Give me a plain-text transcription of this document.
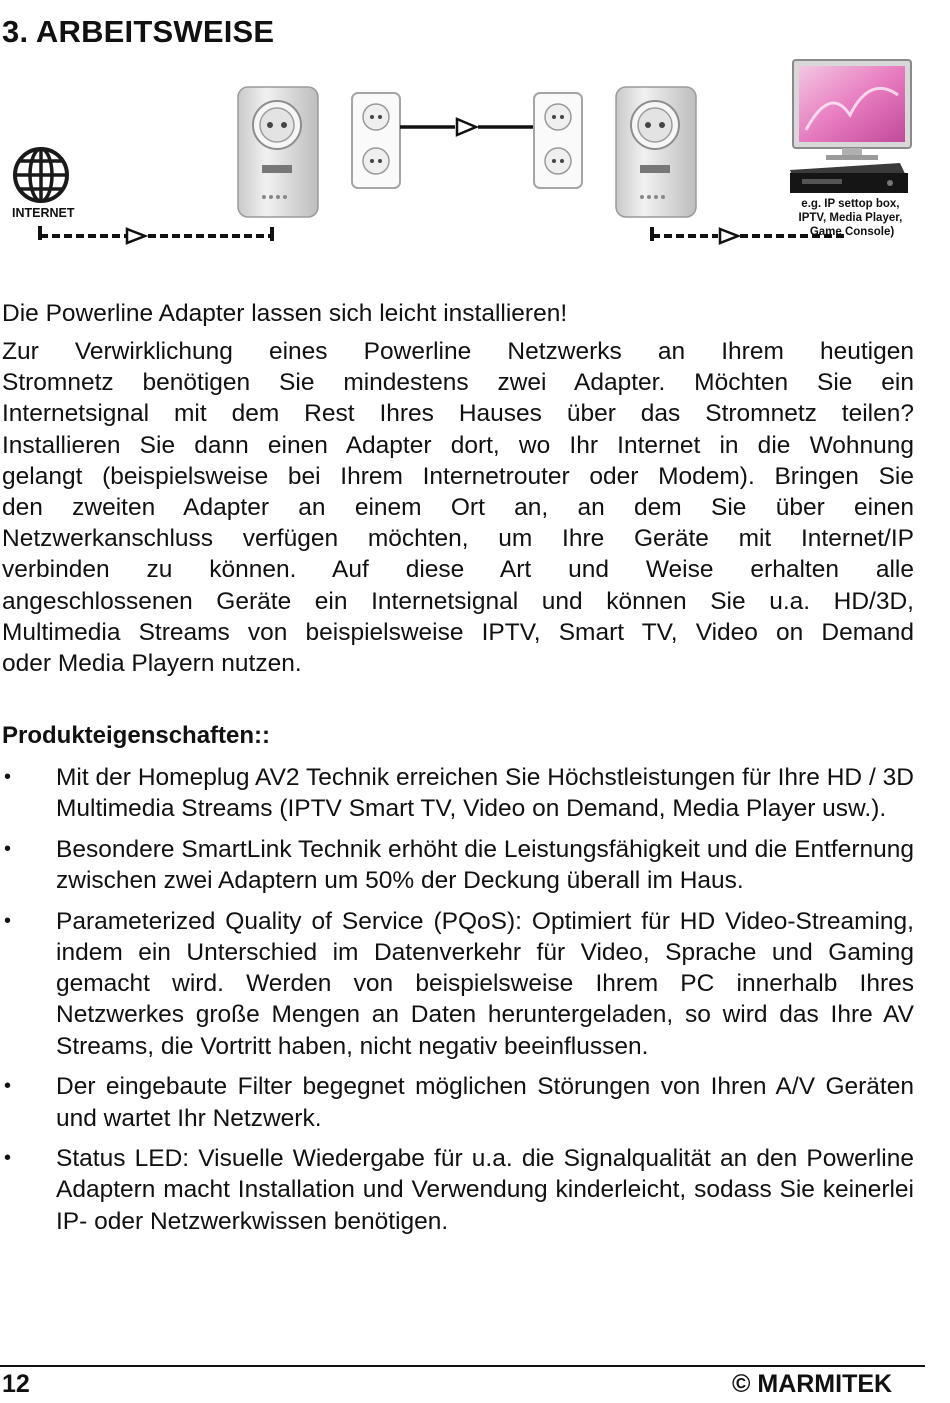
3. ARBEITSWEISE
INTERNET
e.g. IP settop box, IPTV, Media Player, Game Console)

Die Powerline Adapter lassen sich leicht installieren!

Zur Verwirklichung eines Powerline Netzwerks an Ihrem heutigen
Stromnetz benötigen Sie mindestens zwei Adapter. Möchten Sie ein
Internetsignal mit dem Rest Ihres Hauses über das Stromnetz teilen?
Installieren Sie dann einen Adapter dort, wo Ihr Internet in die Wohnung
gelangt (beispielsweise bei Ihrem Internetrouter oder Modem). Bringen Sie
den zweiten Adapter an einem Ort an, an dem Sie über einen
Netzwerkanschluss verfügen möchten, um Ihre Geräte mit Internet/IP
verbinden zu können. Auf diese Art und Weise erhalten alle
angeschlossenen Geräte ein Internetsignal und können Sie u.a. HD/3D,
Multimedia Streams von beispielsweise IPTV, Smart TV, Video on Demand
oder Media Playern nutzen.
Produkteigenschaften::
• Mit der Homeplug AV2 Technik erreichen Sie Höchstleistungen für Ihre HD / 3D Multimedia Streams (IPTV Smart TV, Video on Demand, Media Player usw.).
• Besondere SmartLink Technik erhöht die Leistungsfähigkeit und die Entfernung zwischen zwei Adaptern um 50% der Deckung überall im Haus.
• Parameterized Quality of Service (PQoS): Optimiert für HD Video-Streaming, indem ein Unterschied im Datenverkehr für Video, Sprache und Gaming gemacht wird. Werden von beispielsweise Ihrem PC innerhalb Ihres Netzwerkes große Mengen an Daten heruntergeladen, so wird das Ihre AV Streams, die Vortritt haben, nicht negativ beeinflussen.
• Der eingebaute Filter begegnet möglichen Störungen von Ihren A/V Geräten und wartet Ihr Netzwerk.
• Status LED: Visuelle Wiedergabe für u.a. die Signalqualität an den Powerline Adaptern macht Installation und Verwendung kinderleicht, sodass Sie keinerlei IP- oder Netzwerkwissen benötigen.
12	© MARMITEK
